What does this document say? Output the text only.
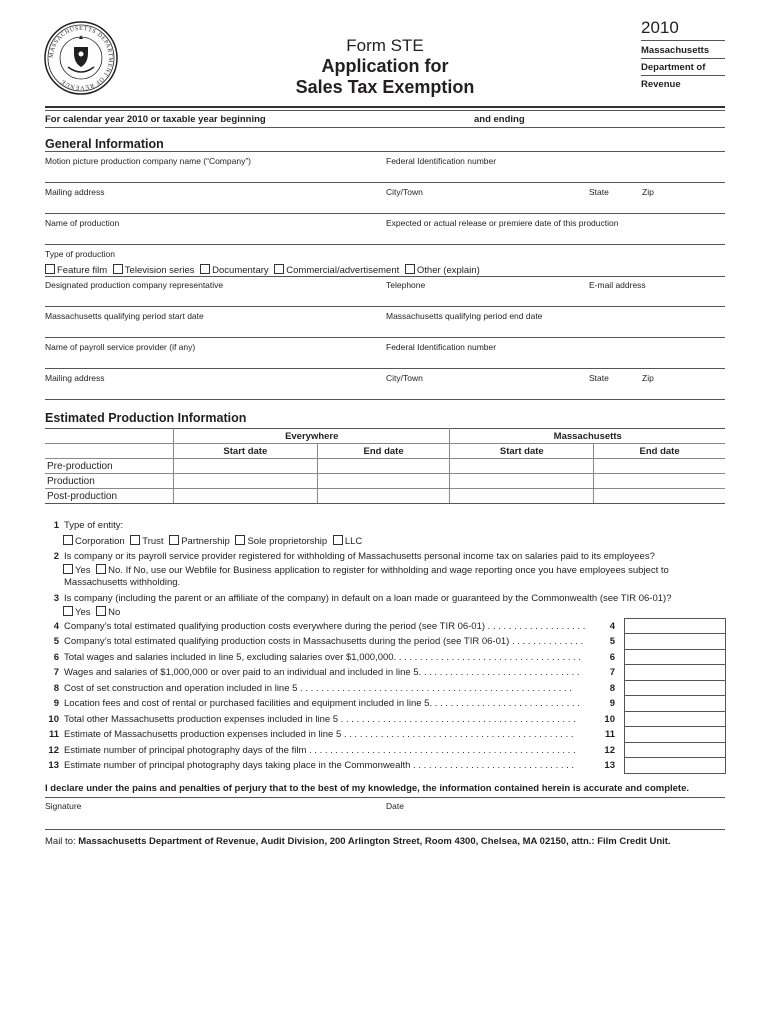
MASSACHUSETTS DEPARTMENT OF REVENUE
Form STE
Application for
Sales Tax Exemption
2010
Massachusetts
Department of
Revenue
For calendar year 2010 or taxable year beginning	and ending
General Information
Motion picture production company name (“Company”)	Federal Identification number
Mailing address	City/Town	State	Zip
Name of production	Expected or actual release or premiere date of this production
Type of production
Feature film Television series Documentary Commercial/advertisement Other (explain)
Designated production company representative	Telephone	E-mail address
Massachusetts qualifying period start date	Massachusetts qualifying period end date
Name of payroll service provider (if any)	Federal Identification number
Mailing address	City/Town	State	Zip
Estimated Production Information
	Everywhere		Massachusetts	
	Start date	End date	Start date	End date
Pre-production				
Production				
Post-production				
1 Type of entity:
Corporation Trust Partnership Sole proprietorship LLC
2 Is company or its payroll service provider registered for withholding of Massachusetts personal income tax on salaries paid to its employees?
Yes No. If No, use our Webfile for Business application to register for withholding and wage reporting once you have employees subject to
Massachusetts withholding.
3 Is company (including the parent or an affiliate of the company) in default on a loan made or guaranteed by the Commonwealth (see TIR 06-01)?
Yes No
4 Company’s total estimated qualifying production costs everywhere during the period (see TIR 06-01) . . . . . . . . . . . . . . . . . . .	4
5 Company’s total estimated qualifying production costs in Massachusetts during the period (see TIR 06-01) . . . . . . . . . . . . . .	5
6 Total wages and salaries included in line 5, excluding salaries over $1,000,000. . . . . . . . . . . . . . . . . . . . . . . . . . . . . . . . . . . .	6
7 Wages and salaries of $1,000,000 or over paid to an individual and included in line 5. . . . . . . . . . . . . . . . . . . . . . . . . . . . . . .	7
8 Cost of set construction and operation included in line 5 . . . . . . . . . . . . . . . . . . . . . . . . . . . . . . . . . . . . . . . . . . . . . . . . . . . .	8
9 Location fees and cost of rental or purchased facilities and equipment included in line 5. . . . . . . . . . . . . . . . . . . . . . . . . . . . .	9
10 Total other Massachusetts production expenses included in line 5 . . . . . . . . . . . . . . . . . . . . . . . . . . . . . . . . . . . . . . . . . . . . .	10
11 Estimate of Massachusetts production expenses included in line 5 . . . . . . . . . . . . . . . . . . . . . . . . . . . . . . . . . . . . . . . . . . . .	11
12 Estimate number of principal photography days of the film . . . . . . . . . . . . . . . . . . . . . . . . . . . . . . . . . . . . . . . . . . . . . . . . . . .	12
13 Estimate number of principal photography days taking place in the Commonwealth . . . . . . . . . . . . . . . . . . . . . . . . . . . . . . .	13
I declare under the pains and penalties of perjury that to the best of my knowledge, the information contained herein is accurate and complete.
Signature	Date
Mail to: Massachusetts Department of Revenue, Audit Division, 200 Arlington Street, Room 4300, Chelsea, MA 02150, attn.: Film Credit Unit.
